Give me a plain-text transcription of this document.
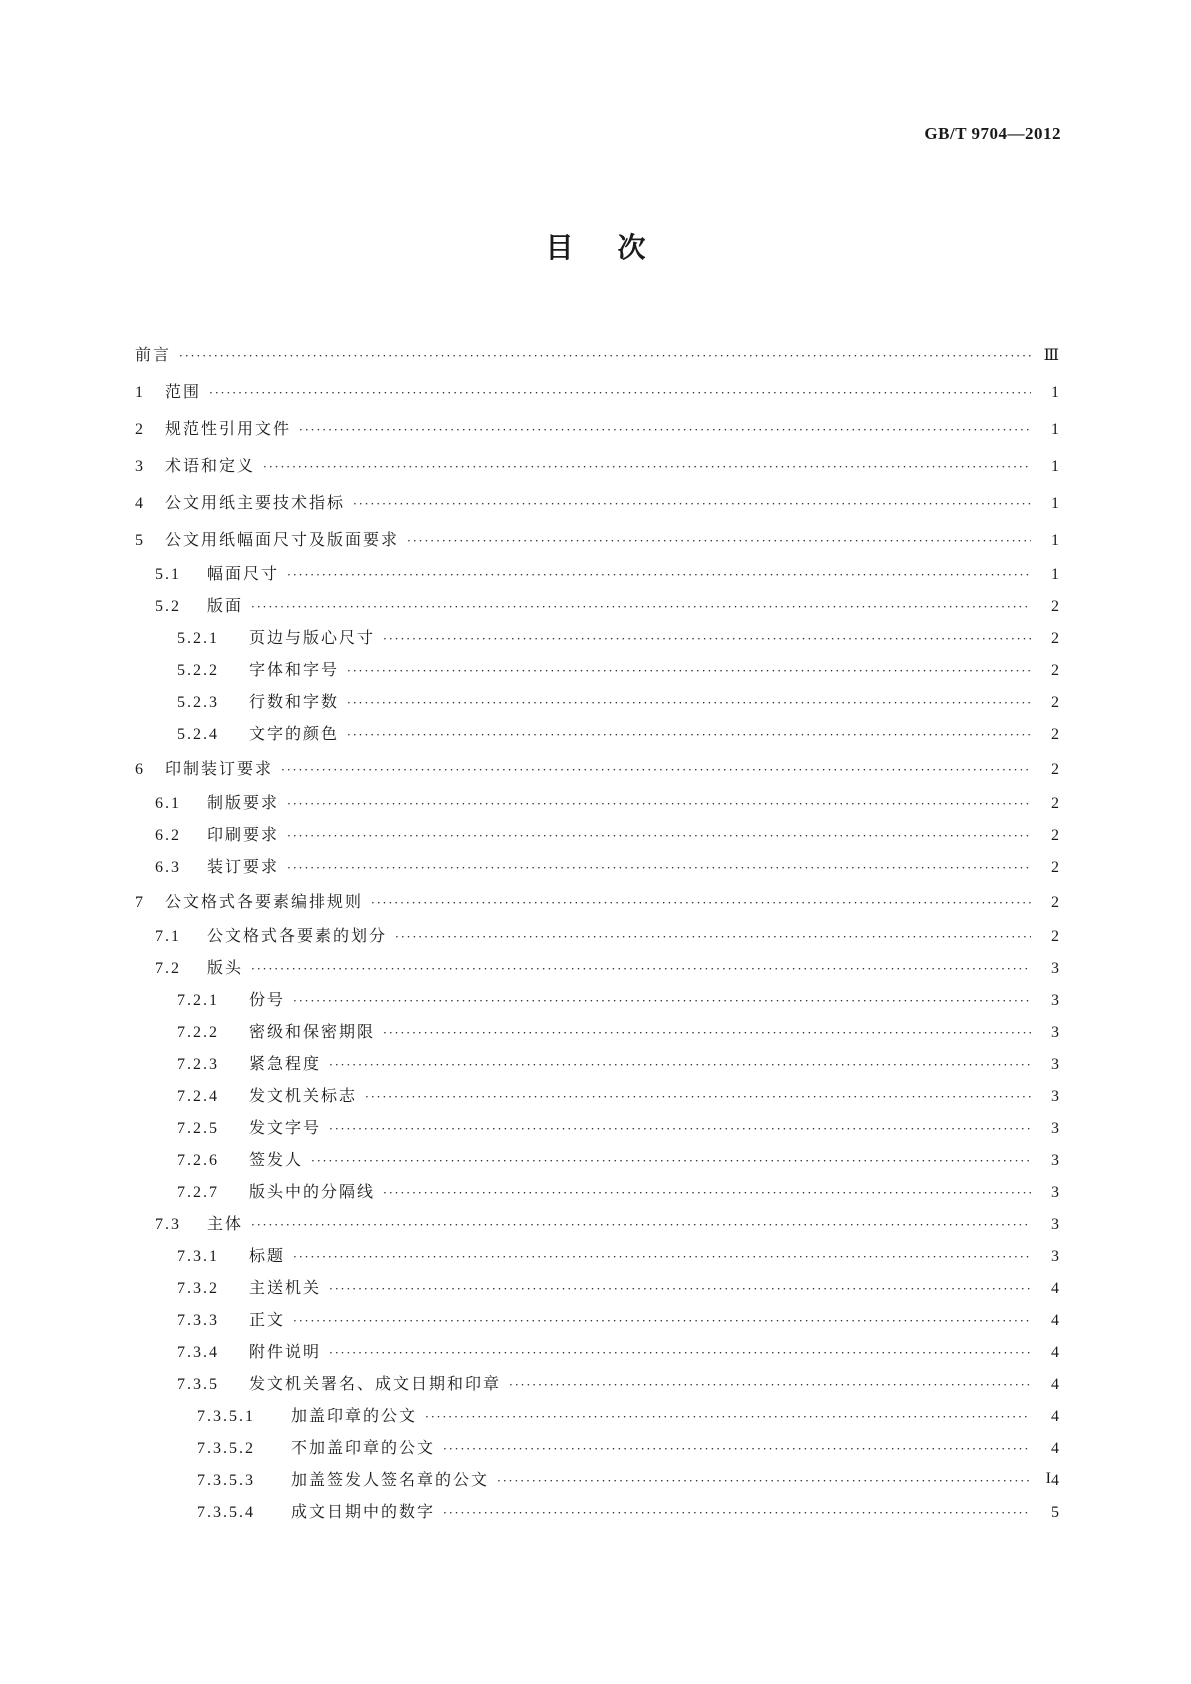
GB/T 9704—2012
目次
前言 ·····	Ⅲ
1	范围 ·····	1
2	规范性引用文件 ·····	1
3	术语和定义 ·····	1
4	公文用纸主要技术指标 ·····	1
5	公文用纸幅面尺寸及版面要求 ·····	1
5.1	幅面尺寸 ·····	1
5.2	版面 ·····	2
5.2.1	页边与版心尺寸 ·····	2
5.2.2	字体和字号 ·····	2
5.2.3	行数和字数 ·····	2
5.2.4	文字的颜色 ·····	2
6	印制装订要求 ·····	2
6.1	制版要求 ·····	2
6.2	印刷要求 ·····	2
6.3	装订要求 ·····	2
7	公文格式各要素编排规则 ·····	2
7.1	公文格式各要素的划分 ·····	2
7.2	版头 ·····	3
7.2.1	份号 ·····	3
7.2.2	密级和保密期限 ·····	3
7.2.3	紧急程度 ·····	3
7.2.4	发文机关标志 ·····	3
7.2.5	发文字号 ·····	3
7.2.6	签发人 ·····	3
7.2.7	版头中的分隔线 ·····	3
7.3	主体 ·····	3
7.3.1	标题 ·····	3
7.3.2	主送机关 ·····	4
7.3.3	正文 ·····	4
7.3.4	附件说明 ·····	4
7.3.5	发文机关署名、成文日期和印章 ·····	4
7.3.5.1	加盖印章的公文 ·····	4
7.3.5.2	不加盖印章的公文 ·····	4
7.3.5.3	加盖签发人签名章的公文 ·····	4
7.3.5.4	成文日期中的数字 ·····	5
I
